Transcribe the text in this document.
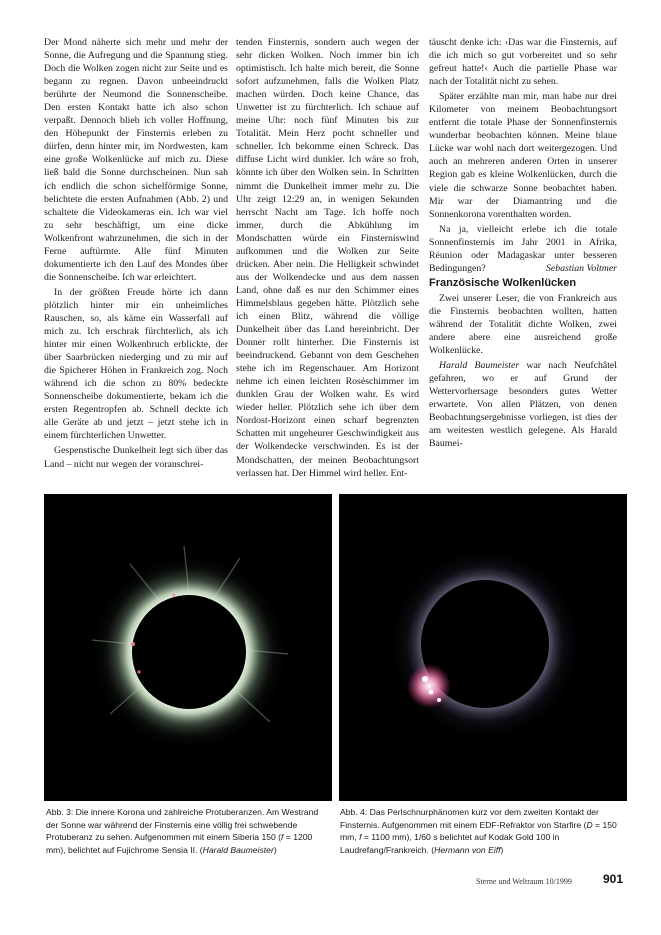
Der Mond näherte sich mehr und mehr der Sonne, die Aufregung und die Spannung stieg. Doch die Wolken zogen nicht zur Seite und es begann zu regnen. Davon unbeeindruckt berührte der Neumond die Sonnenscheibe. Den ersten Kontakt hatte ich also schon verpaßt. Dennoch blieb ich voller Hoffnung, den Höhepunkt der Finsternis erleben zu dürfen, denn hinter mir, im Nordwesten, kam eine große Wolkenlücke auf mich zu. Diese ließ bald die Sonne durchscheinen. Nun sah ich endlich die schon sichelförmige Sonne, belichtete die ersten Aufnahmen (Abb. 2) und schaltete die Videokameras ein. Ich war viel zu sehr beschäftigt, um eine dicke Wolkenfront wahrzunehmen, die sich in der Ferne auftürmte. Alle fünf Minuten dokumentierte ich den Lauf des Mondes über die Sonnenscheibe. Ich war erleichtert.

In der größten Freude hörte ich dann plötzlich hinter mir ein unheimliches Rauschen, so, als käme ein Wasserfall auf mich zu. Ich erschrak fürchterlich, als ich hinter mir einen Wolkenbruch erblickte, der über Saarbrücken niederging und zu mir auf die Spicherer Höhen in Frankreich zog. Noch während ich die schon zu 80% bedeckte Sonnenscheibe dokumentierte, bekam ich die ersten Regentropfen ab. Schnell deckte ich alle Geräte ab und jetzt – jetzt stehe ich in einem fürchterlichen Unwetter.

Gespenstische Dunkelheit legt sich über das Land – nicht nur wegen der voranschrei-

tenden Finsternis, sondern auch wegen der sehr dicken Wolken. Noch immer bin ich optimistisch. Ich halte mich bereit, die Sonne sofort aufzunehmen, falls die Wolken Platz machen würden. Doch keine Chance, das Unwetter ist zu fürchterlich. Ich schaue auf meine Uhr: noch fünf Minuten bis zur Totalität. Mein Herz pocht schneller und schneller. Ich bekomme einen Schreck. Das diffuse Licht wird dunkler. Ich wäre so froh, könnte ich über den Wolken sein. In Schritten nimmt die Dunkelheit immer mehr zu. Die Uhr zeigt 12:29 an, in wenigen Sekunden herrscht Nacht am Tage. Ich hoffe noch immer, durch die Abkühlung im Mondschatten würde ein Finsterniswind aufkommen und die Wolken zur Seite drücken. Aber nein. Die Helligkeit schwindet aus der Wolkendecke und aus dem nassen Land, ohne daß es nur den Schimmer eines Himmelsblaus gegeben hätte. Plötzlich sehe ich einen Blitz, während die völlige Dunkelheit über das Land hereinbricht. Der Donner rollt hinterher. Die Finsternis ist beeindruckend. Gebannt von dem Geschehen stehe ich im Regenschauer. Am Horizont nehme ich einen leichten Roséschimmer im dunklen Grau der Wolken wahr. Es wird wieder heller. Plötzlich sehe ich über dem Nordost-Horizont einen scharf begrenzten Schatten mit ungeheurer Geschwindigkeit aus der Wolkendecke verschwinden. Es ist der Mondschatten, der meinen Beobachtungsort verlassen hat. Der Himmel wird heller. Ent-

täuscht denke ich: ›Das war die Finsternis, auf die ich mich so gut vorbereitet und so sehr gefreut hatte!‹ Auch die partielle Phase war nach der Totalität nicht zu sehen.

Später erzählte man mir, man habe nur drei Kilometer von meinem Beobachtungsort entfernt die totale Phase der Sonnenfinsternis wunderbar beobachten können. Meine blaue Lücke war wohl nach dort weitergezogen. Und auch an mehreren anderen Orten in unserer Region gab es kleine Wolkenlücken, durch die viele die schwarze Sonne beobachtet haben. Mir war der Diamantring und die Sonnenkorona vorenthalten worden.

Na ja, vielleicht erlebe ich die totale Sonnenfinsternis im Jahr 2001 in Afrika, Réunion oder Madagaskar unter besseren Bedingungen?	Sebastian Voltmer

Französische Wolkenlücken

Zwei unserer Leser, die von Frankreich aus die Finsternis beobachten wollten, hatten während der Totalität dichte Wolken, zwei andere abere eine ausreichend große Wolkenlücke.

Harald Baumeister war nach Neufchâtel gefahren, wo er auf Grund der Wettervorhersage besonders gutes Wetter erwartete. Von allen Plätzen, von denen Beobachtungsergebnisse vorliegen, ist dies der am weitesten westlich gelegene. Als Harald Baumei-

Abb. 3: Die innere Korona und zahlreiche Protuberanzen. Am Westrand der Sonne war während der Finsternis eine völlig frei schwebende Protuberanz zu sehen. Aufgenommen mit einem Siberia 150 (f = 1200 mm), belichtet auf Fujichrome Sensia II. (Harald Baumeister)
Abb. 4: Das Perlschnurphänomen kurz vor dem zweiten Kontakt der Finsternis. Aufgenommen mit einem EDF-Refraktor von Starfire (D = 150 mm, f = 1100 mm), 1/60 s belichtet auf Kodak Gold 100 in Laudrefang/Frankreich. (Hermann von Eiff)
Sterne und Weltraum 10/1999	901
